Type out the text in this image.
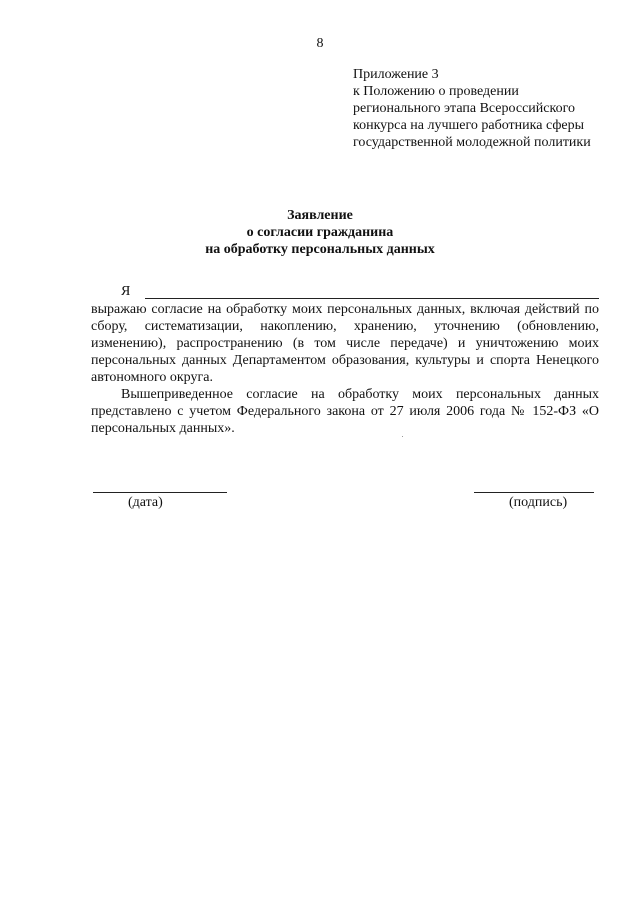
8
Приложение 3
к Положению о проведении
регионального этапа Всероссийского
конкурса на лучшего работника сферы
государственной молодежной политики
Заявление
о согласии гражданина
на обработку персональных данных
Я

выражаю согласие на обработку моих персональных данных, включая действий по сбору, систематизации, накоплению, хранению, уточнению (обновлению, изменению), распространению (в том числе передаче) и уничтожению моих персональных данных Департаментом образования, культуры и спорта Ненецкого автономного округа.

Вышеприведенное согласие на обработку моих персональных данных представлено с учетом Федерального закона от 27 июля 2006 года № 152-ФЗ «О персональных данных».

(дата)	(подпись)
